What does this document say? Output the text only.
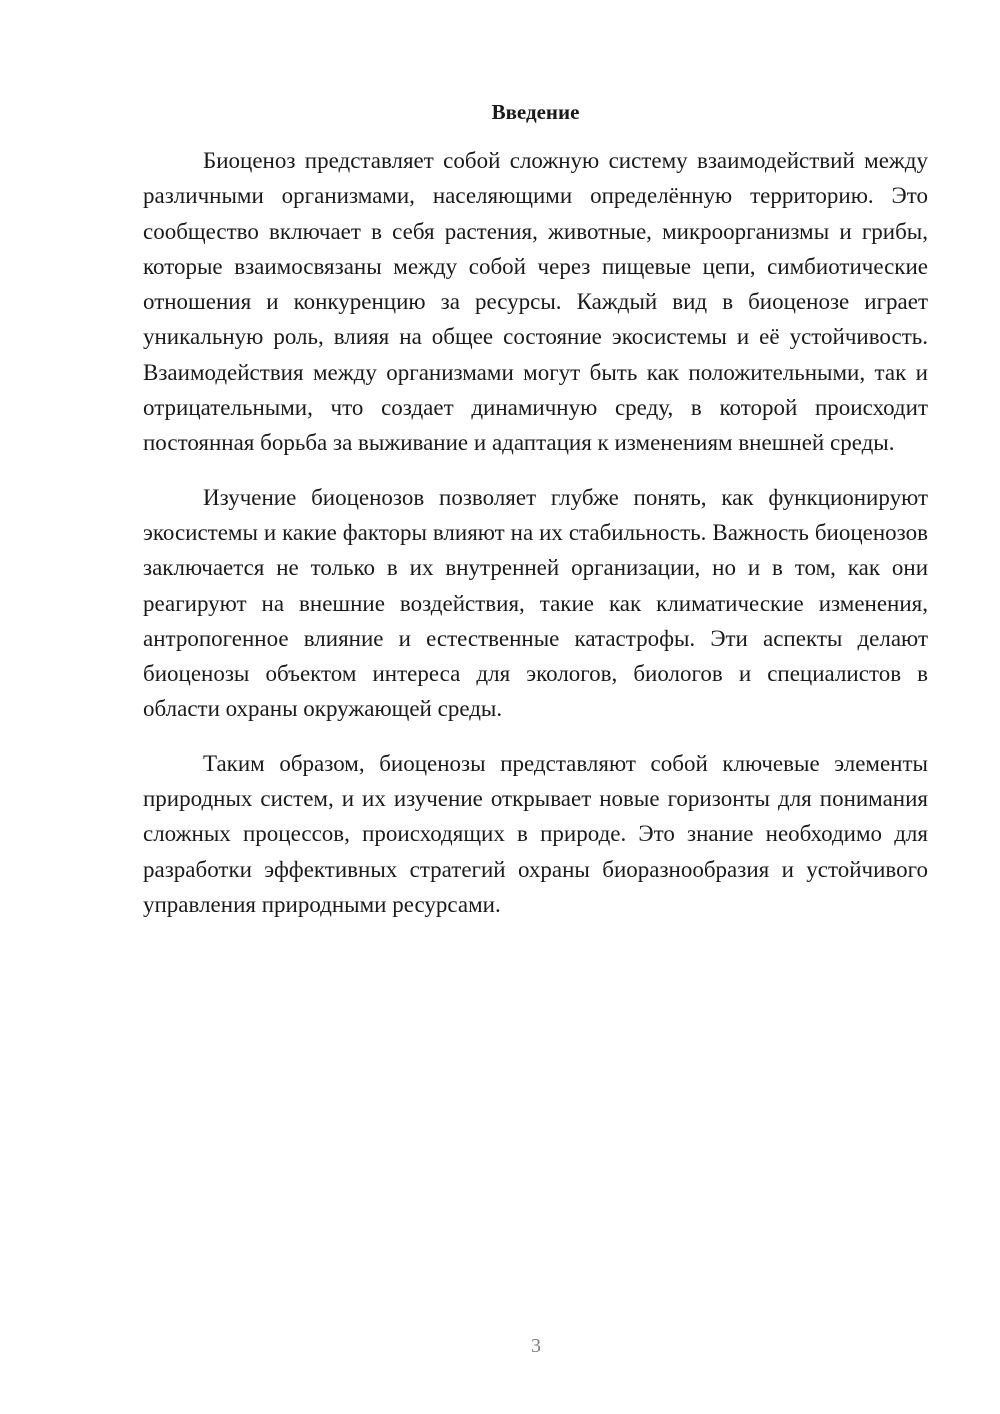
Введение

Биоценоз представляет собой сложную систему взаимодействий между различными организмами, населяющими определённую территорию. Это сообщество включает в себя растения, животные, микроорганизмы и грибы, которые взаимосвязаны между собой через пищевые цепи, симбиотические отношения и конкуренцию за ресурсы. Каждый вид в биоценозе играет уникальную роль, влияя на общее состояние экосистемы и её устойчивость. Взаимодействия между организмами могут быть как положительными, так и отрицательными, что создает динамичную среду, в которой происходит постоянная борьба за выживание и адаптация к изменениям внешней среды.

Изучение биоценозов позволяет глубже понять, как функционируют экосистемы и какие факторы влияют на их стабильность. Важность биоценозов заключается не только в их внутренней организации, но и в том, как они реагируют на внешние воздействия, такие как климатические изменения, антропогенное влияние и естественные катастрофы. Эти аспекты делают биоценозы объектом интереса для экологов, биологов и специалистов в области охраны окружающей среды.

Таким образом, биоценозы представляют собой ключевые элементы природных систем, и их изучение открывает новые горизонты для понимания сложных процессов, происходящих в природе. Это знание необходимо для разработки эффективных стратегий охраны биоразнообразия и устойчивого управления природными ресурсами.

3
